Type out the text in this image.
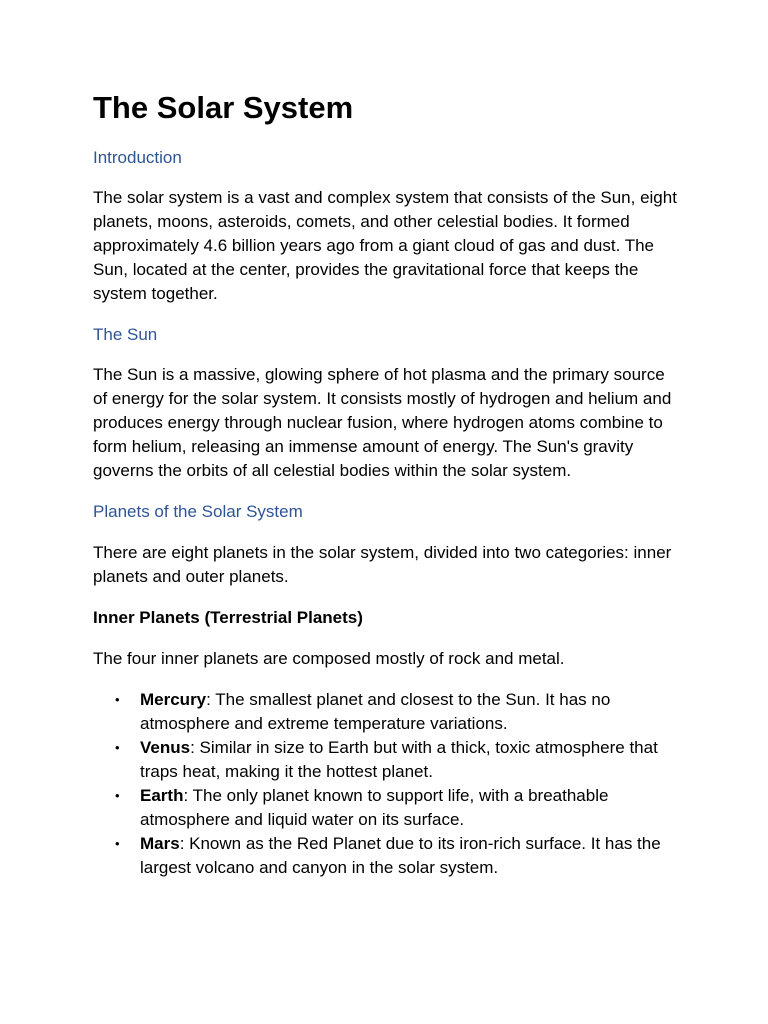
The Solar System
Introduction

The solar system is a vast and complex system that consists of the Sun, eight planets, moons, asteroids, comets, and other celestial bodies. It formed approximately 4.6 billion years ago from a giant cloud of gas and dust. The Sun, located at the center, provides the gravitational force that keeps the system together.

The Sun

The Sun is a massive, glowing sphere of hot plasma and the primary source of energy for the solar system. It consists mostly of hydrogen and helium and produces energy through nuclear fusion, where hydrogen atoms combine to form helium, releasing an immense amount of energy. The Sun's gravity governs the orbits of all celestial bodies within the solar system.

Planets of the Solar System

There are eight planets in the solar system, divided into two categories: inner planets and outer planets.

Inner Planets (Terrestrial Planets)

The four inner planets are composed mostly of rock and metal.

• Mercury: The smallest planet and closest to the Sun. It has no atmosphere and extreme temperature variations.
• Venus: Similar in size to Earth but with a thick, toxic atmosphere that traps heat, making it the hottest planet.
• Earth: The only planet known to support life, with a breathable atmosphere and liquid water on its surface.
• Mars: Known as the Red Planet due to its iron-rich surface. It has the largest volcano and canyon in the solar system.
